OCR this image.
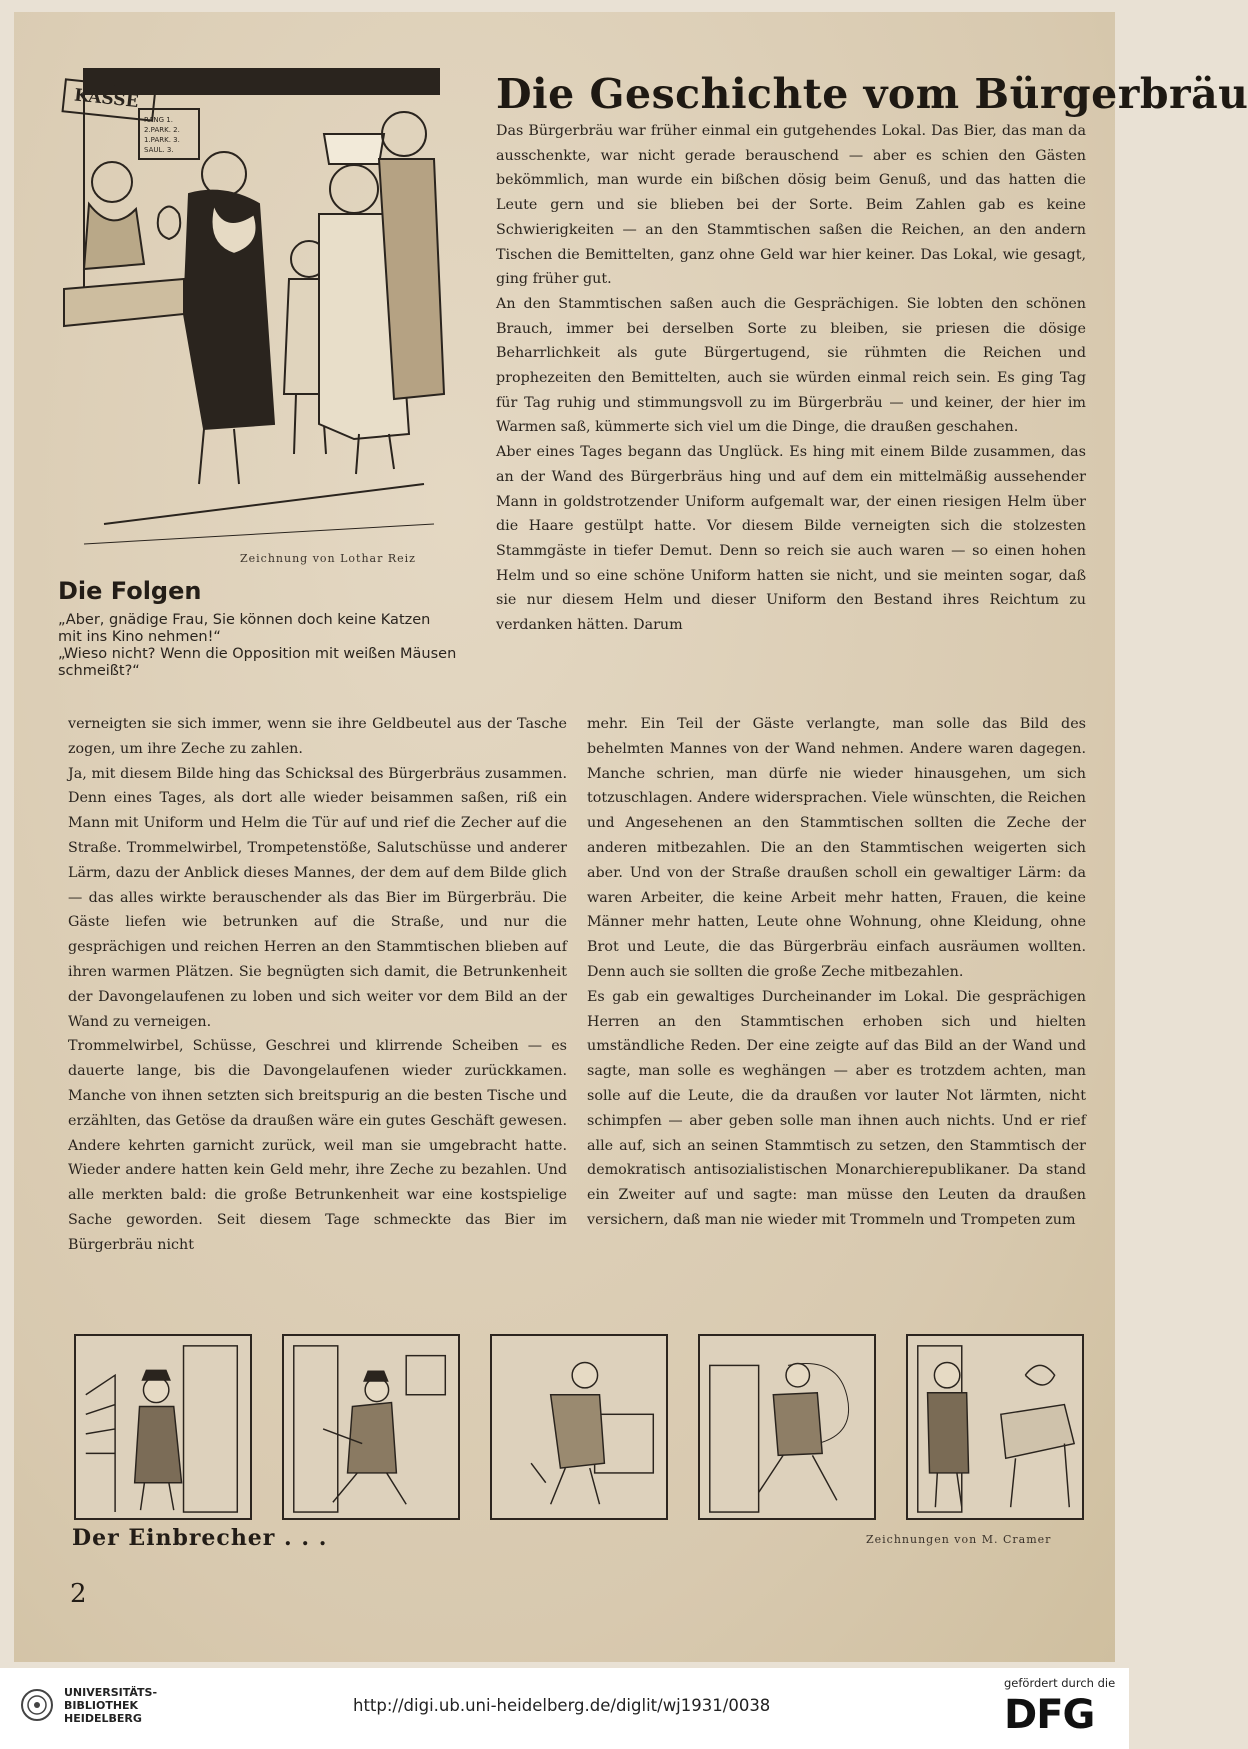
KASSE
RANG 1.
2.PARK. 2.
1.PARK. 3.
SAUL. 3.
Zeichnung von Lothar Reiz
Die Folgen

„Aber, gnädige Frau, Sie können doch keine Katzen mit ins Kino nehmen!“

„Wieso nicht? Wenn die Opposition mit weißen Mäusen schmeißt?“

Die Geschichte vom Bürgerbräu

Das Bürgerbräu war früher einmal ein gutgehendes Lokal. Das Bier, das man da ausschenkte, war nicht gerade berauschend — aber es schien den Gästen bekömmlich, man wurde ein bißchen dösig beim Genuß, und das hatten die Leute gern und sie blieben bei der Sorte. Beim Zahlen gab es keine Schwierigkeiten — an den Stammtischen saßen die Reichen, an den andern Tischen die Bemittelten, ganz ohne Geld war hier keiner. Das Lokal, wie gesagt, ging früher gut.

An den Stammtischen saßen auch die Gesprächigen. Sie lobten den schönen Brauch, immer bei derselben Sorte zu bleiben, sie priesen die dösige Beharrlichkeit als gute Bürgertugend, sie rühmten die Reichen und prophezeiten den Bemittelten, auch sie würden einmal reich sein. Es ging Tag für Tag ruhig und stimmungsvoll zu im Bürgerbräu — und keiner, der hier im Warmen saß, kümmerte sich viel um die Dinge, die draußen geschahen.

Aber eines Tages begann das Unglück. Es hing mit einem Bilde zusammen, das an der Wand des Bürgerbräus hing und auf dem ein mittelmäßig aussehender Mann in goldstrotzender Uniform aufgemalt war, der einen riesigen Helm über die Haare gestülpt hatte. Vor diesem Bilde verneigten sich die stolzesten Stammgäste in tiefer Demut. Denn so reich sie auch waren — so einen hohen Helm und so eine schöne Uniform hatten sie nicht, und sie meinten sogar, daß sie nur diesem Helm und dieser Uniform den Bestand ihres Reichtum zu verdanken hätten. Darum

verneigten sie sich immer, wenn sie ihre Geldbeutel aus der Tasche zogen, um ihre Zeche zu zahlen.

Ja, mit diesem Bilde hing das Schicksal des Bürgerbräus zusammen. Denn eines Tages, als dort alle wieder beisammen saßen, riß ein Mann mit Uniform und Helm die Tür auf und rief die Zecher auf die Straße. Trommelwirbel, Trompetenstöße, Salutschüsse und anderer Lärm, dazu der Anblick dieses Mannes, der dem auf dem Bilde glich — das alles wirkte berauschender als das Bier im Bürgerbräu. Die Gäste liefen wie betrunken auf die Straße, und nur die gesprächigen und reichen Herren an den Stammtischen blieben auf ihren warmen Plätzen. Sie begnügten sich damit, die Betrunkenheit der Davongelaufenen zu loben und sich weiter vor dem Bild an der Wand zu verneigen.

Trommelwirbel, Schüsse, Geschrei und klirrende Scheiben — es dauerte lange, bis die Davongelaufenen wieder zurückkamen. Manche von ihnen setzten sich breitspurig an die besten Tische und erzählten, das Getöse da draußen wäre ein gutes Geschäft gewesen. Andere kehrten garnicht zurück, weil man sie umgebracht hatte. Wieder andere hatten kein Geld mehr, ihre Zeche zu bezahlen. Und alle merkten bald: die große Betrunkenheit war eine kostspielige Sache geworden. Seit diesem Tage schmeckte das Bier im Bürgerbräu nicht

mehr. Ein Teil der Gäste verlangte, man solle das Bild des behelmten Mannes von der Wand nehmen. Andere waren dagegen. Manche schrien, man dürfe nie wieder hinausgehen, um sich totzuschlagen. Andere widersprachen. Viele wünschten, die Reichen und Angesehenen an den Stammtischen sollten die Zeche der anderen mitbezahlen. Die an den Stammtischen weigerten sich aber. Und von der Straße draußen scholl ein gewaltiger Lärm: da waren Arbeiter, die keine Arbeit mehr hatten, Frauen, die keine Männer mehr hatten, Leute ohne Wohnung, ohne Kleidung, ohne Brot und Leute, die das Bürgerbräu einfach ausräumen wollten. Denn auch sie sollten die große Zeche mitbezahlen.

Es gab ein gewaltiges Durcheinander im Lokal. Die gesprächigen Herren an den Stammtischen erhoben sich und hielten umständliche Reden. Der eine zeigte auf das Bild an der Wand und sagte, man solle es weghängen — aber es trotzdem achten, man solle auf die Leute, die da draußen vor lauter Not lärmten, nicht schimpfen — aber geben solle man ihnen auch nichts. Und er rief alle auf, sich an seinen Stammtisch zu setzen, den Stammtisch der demokratisch antisozialistischen Monarchierepublikaner. Da stand ein Zweiter auf und sagte: man müsse den Leuten da draußen versichern, daß man nie wieder mit Trommeln und Trompeten zum

Der Einbrecher . . .	Zeichnungen von M. Cramer
2
UNIVERSITÄTS-
BIBLIOTHEK
HEIDELBERG
http://digi.ub.uni-heidelberg.de/diglit/wj1931/0038
gefördert durch die
DFG
